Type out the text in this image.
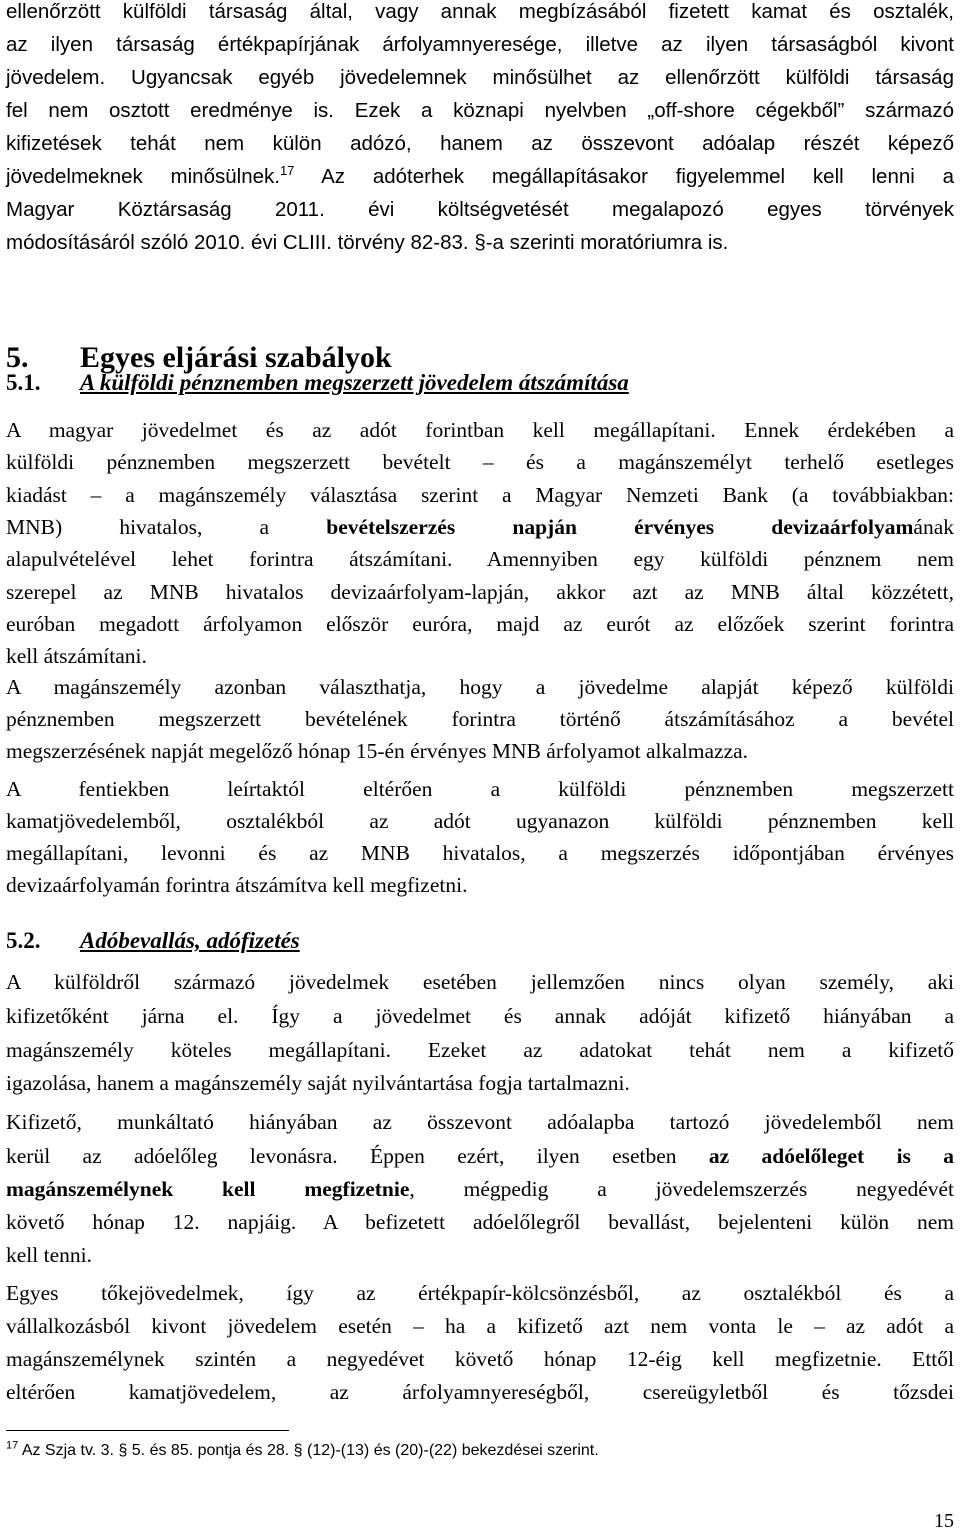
ellenőrzött külföldi társaság által, vagy annak megbízásából fizetett kamat és osztalék,
az ilyen társaság értékpapírjának árfolyamnyeresége, illetve az ilyen társaságból kivont
jövedelem. Ugyancsak egyéb jövedelemnek minősülhet az ellenőrzött külföldi társaság
fel nem osztott eredménye is. Ezek a köznapi nyelvben „off-shore cégekből” származó
kifizetések tehát nem külön adózó, hanem az összevont adóalap részét képező
jövedelmeknek minősülnek.$^{17}$ Az adóterhek megállapításakor figyelemmel kell lenni a
Magyar Köztársaság 2011. évi költségvetését megalapozó egyes törvények
módosításáról szóló 2010. évi CLIII. törvény 82-83. §-a szerinti moratóriumra is.
5. Egyes eljárási szabályok
5.1. A külföldi pénznemben megszerzett jövedelem átszámítása
A magyar jövedelmet és az adót forintban kell megállapítani. Ennek érdekében a
külföldi pénznemben megszerzett bevételt – és a magánszemélyt terhelő esetleges
kiadást – a magánszemély választása szerint a Magyar Nemzeti Bank (a továbbiakban:
MNB) hivatalos, a bevételszerzés napján érvényes devizaárfolyamának
alapulvételével lehet forintra átszámítani. Amennyiben egy külföldi pénznem nem
szerepel az MNB hivatalos devizaárfolyam-lapján, akkor azt az MNB által közzétett,
euróban megadott árfolyamon először euróra, majd az eurót az előzőek szerint forintra
kell átszámítani.
A magánszemély azonban választhatja, hogy a jövedelme alapját képező külföldi
pénznemben megszerzett bevételének forintra történő átszámításához a bevétel
megszerzésének napját megelőző hónap 15-én érvényes MNB árfolyamot alkalmazza.
A fentiekben leírtaktól eltérően a külföldi pénznemben megszerzett
kamatjövedelemből, osztalékból az adót ugyanazon külföldi pénznemben kell
megállapítani, levonni és az MNB hivatalos, a megszerzés időpontjában érvényes
devizaárfolyamán forintra átszámítva kell megfizetni.
5.2. Adóbevallás, adófizetés
A külföldről származó jövedelmek esetében jellemzően nincs olyan személy, aki
kifizetőként járna el. Így a jövedelmet és annak adóját kifizető hiányában a
magánszemély köteles megállapítani. Ezeket az adatokat tehát nem a kifizető
igazolása, hanem a magánszemély saját nyilvántartása fogja tartalmazni.
Kifizető, munkáltató hiányában az összevont adóalapba tartozó jövedelemből nem
kerül az adóelőleg levonásra. Éppen ezért, ilyen esetben az adóelőleget is a
magánszemélynek kell megfizetnie, mégpedig a jövedelemszerzés negyedévét
követő hónap 12. napjáig. A befizetett adóelőlegről bevallást, bejelenteni külön nem
kell tenni.
Egyes tőkejövedelmek, így az értékpapír-kölcsönzésből, az osztalékból és a
vállalkozásból kivont jövedelem esetén – ha a kifizető azt nem vonta le – az adót a
magánszemélynek szintén a negyedévet követő hónap 12-éig kell megfizetnie. Ettől
eltérően kamatjövedelem, az árfolyamnyereségből, csereügyletből és tőzsdei
$^{17}$ Az Szja tv. 3. § 5. és 85. pontja és 28. § (12)-(13) és (20)-(22) bekezdései szerint.
15
